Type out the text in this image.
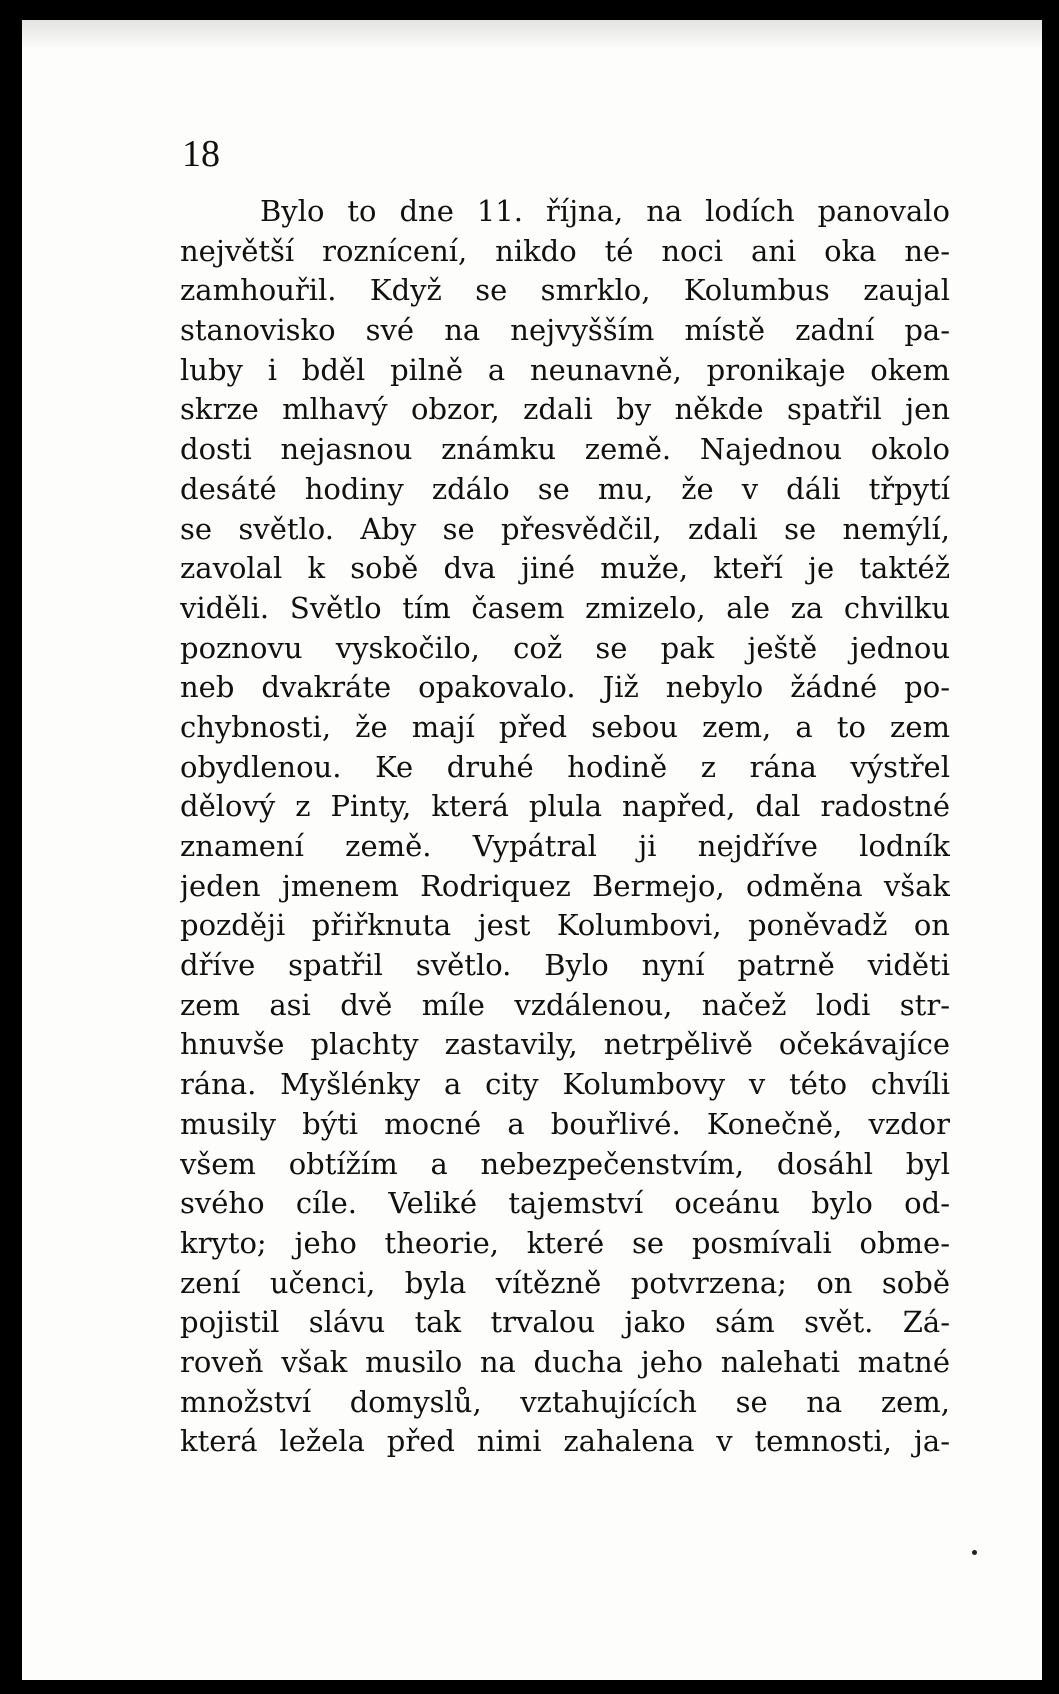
18
Bylo to dne 11. října, na lodích panovalo
největší roznícení, nikdo té noci ani oka ne-
zamhouřil. Když se smrklo, Kolumbus zaujal
stanovisko své na nejvyšším místě zadní pa-
luby i bděl pilně a neunavně, pronikaje okem
skrze mlhavý obzor, zdali by někde spatřil jen
dosti nejasnou známku země. Najednou okolo
desáté hodiny zdálo se mu, že v dáli třpytí
se světlo. Aby se přesvědčil, zdali se nemýlí,
zavolal k sobě dva jiné muže, kteří je taktéž
viděli. Světlo tím časem zmizelo, ale za chvilku
poznovu vyskočilo, což se pak ještě jednou
neb dvakráte opakovalo. Již nebylo žádné po-
chybnosti, že mají před sebou zem, a to zem
obydlenou. Ke druhé hodině z rána výstřel
dělový z Pinty, která plula napřed, dal radostné
znamení země. Vypátral ji nejdříve lodník
jeden jmenem Rodriquez Bermejo, odměna však
později přiřknuta jest Kolumbovi, poněvadž on
dříve spatřil světlo. Bylo nyní patrně viděti
zem asi dvě míle vzdálenou, načež lodi str-
hnuvše plachty zastavily, netrpělivě očekávajíce
rána. Myšlénky a city Kolumbovy v této chvíli
musily býti mocné a bouřlivé. Konečně, vzdor
všem obtížím a nebezpečenstvím, dosáhl byl
svého cíle. Veliké tajemství oceánu bylo od-
kryto; jeho theorie, které se posmívali obme-
zení učenci, byla vítězně potvrzena; on sobě
pojistil slávu tak trvalou jako sám svět. Zá-
roveň však musilo na ducha jeho nalehati matné
množství domyslů, vztahujících se na zem,
která ležela před nimi zahalena v temnosti, ja-
